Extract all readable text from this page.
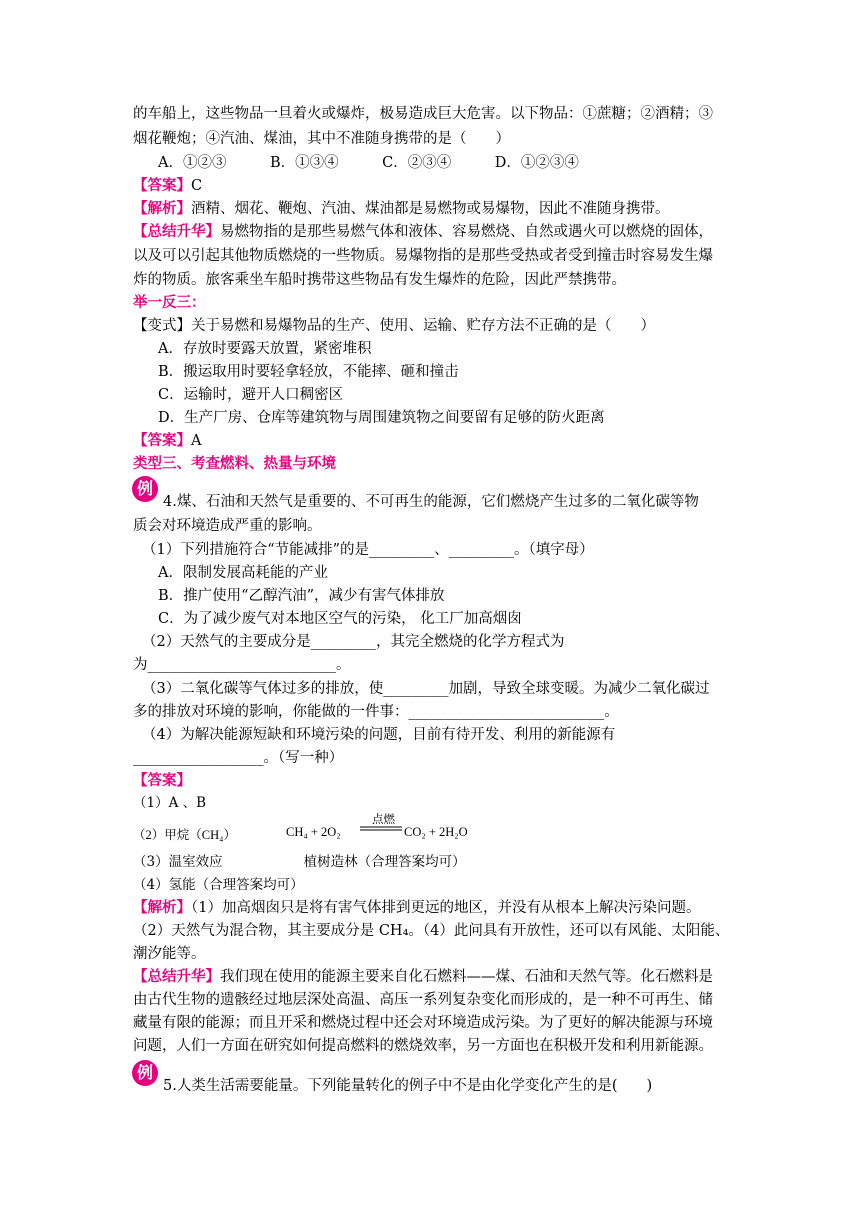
的车船上，这些物品一旦着火或爆炸，极易造成巨大危害。以下物品：①蔗糖；②酒精；③
烟花鞭炮；④汽油、煤油，其中不准随身携带的是（　　）
A．①②③　　　B．①③④　　　C．②③④　　　D．①②③④
【答案】C
【解析】酒精、烟花、鞭炮、汽油、煤油都是易燃物或易爆物，因此不准随身携带。
【总结升华】易燃物指的是那些易燃气体和液体、容易燃烧、自然或遇火可以燃烧的固体，
以及可以引起其他物质燃烧的一些物质。易爆物指的是那些受热或者受到撞击时容易发生爆
炸的物质。旅客乘坐车船时携带这些物品有发生爆炸的危险，因此严禁携带。
举一反三：
【变式】关于易燃和易爆物品的生产、使用、运输、贮存方法不正确的是（　　）
A．存放时要露天放置，紧密堆积
B．搬运取用时要轻拿轻放，不能摔、砸和撞击
C．运输时，避开人口稠密区
D．生产厂房、仓库等建筑物与周围建筑物之间要留有足够的防火距离
【答案】A
类型三、考查燃料、热量与环境
例
4.煤、石油和天然气是重要的、不可再生的能源，它们燃烧产生过多的二氧化碳等物
质会对环境造成严重的影响。
（1）下列措施符合“节能减排”的是_________、_________。（填字母）
A．限制发展高耗能的产业
B．推广使用“乙醇汽油”，减少有害气体排放
C．为了减少废气对本地区空气的污染， 化工厂加高烟囱
（2）天然气的主要成分是_________，其完全燃烧的化学方程式为
为__________________________。
（3）二氧化碳等气体过多的排放，使_________加剧，导致全球变暖。为减少二氧化碳过
多的排放对环境的影响，你能做的一件事：___________________________。
（4）为解决能源短缺和环境污染的问题，目前有待开发、利用的新能源有
__________________。（写一种）
【答案】
（1）A 、B
（2）甲烷（CH₄）	CH₄ + 2O₂
点燃
CO₂ + 2H₂O
（3）温室效应　　　　　　植树造林（合理答案均可）
（4）氢能（合理答案均可）
【解析】（1）加高烟囱只是将有害气体排到更远的地区，并没有从根本上解决污染问题。
（2）天然气为混合物，其主要成分是 CH₄。（4）此问具有开放性，还可以有风能、太阳能、
潮汐能等。
【总结升华】我们现在使用的能源主要来自化石燃料——煤、石油和天然气等。化石燃料是
由古代生物的遗骸经过地层深处高温、高压一系列复杂变化而形成的，是一种不可再生、储
藏量有限的能源；而且开采和燃烧过程中还会对环境造成污染。为了更好的解决能源与环境
问题，人们一方面在研究如何提高燃料的燃烧效率，另一方面也在积极开发和利用新能源。
例
5.人类生活需要能量。下列能量转化的例子中不是由化学变化产生的是(　　)
